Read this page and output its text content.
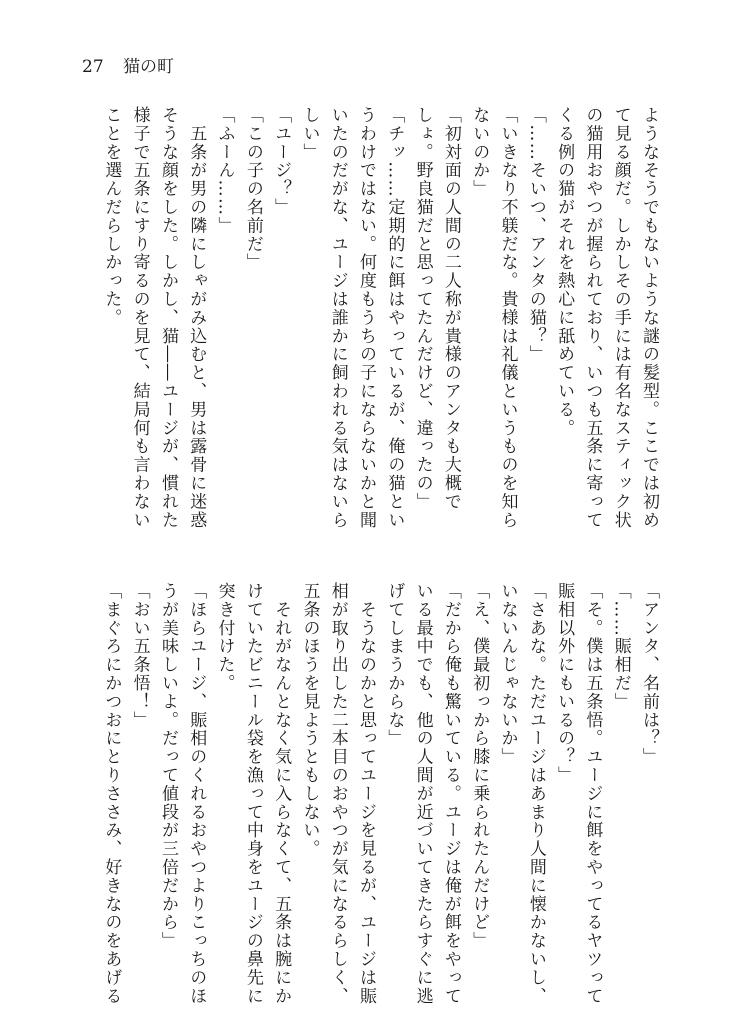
27 猫の町
ようなそうでもないような謎の髪型。ここでは初め
て見る顔だ。しかしその手には有名なスティック状
の猫用おやつが握られており、いつも五条に寄って
くる例の猫がそれを熱心に舐めている。
「……そいつ、アンタの猫？」
「いきなり不躾だな。貴様は礼儀というものを知ら
ないのか」
「初対面の人間の二人称が貴様のアンタも大概で
しょ。野良猫だと思ってたんだけど、違ったの」
「チッ……定期的に餌はやっているが、俺の猫とい
うわけではない。何度もうちの子にならないかと聞
いたのだがな、ユージは誰かに飼われる気はないら
しい」
「ユージ？」
「この子の名前だ」
「ふーん……」
　五条が男の隣にしゃがみ込むと、男は露骨に迷惑
そうな顔をした。しかし、猫――ユージが、慣れた
様子で五条にすり寄るのを見て、結局何も言わない
ことを選んだらしかった。
「アンタ、名前は？」
「……賑相だ」
「そ。僕は五条悟。ユージに餌をやってるヤツって
賑相以外にもいるの？」
「さあな。ただユージはあまり人間に懐かないし、
いないんじゃないか」
「え、僕最初っから膝に乗られたんだけど」
「だから俺も驚いている。ユージは俺が餌をやって
いる最中でも、他の人間が近づいてきたらすぐに逃
げてしまうからな」
　そうなのかと思ってユージを見るが、ユージは賑
相が取り出した二本目のおやつが気になるらしく、
五条のほうを見ようともしない。
　それがなんとなく気に入らなくて、五条は腕にか
けていたビニール袋を漁って中身をユージの鼻先に
突き付けた。
「ほらユージ、賑相のくれるおやつよりこっちのほ
うが美味しいよ。だって値段が三倍だから」
「おい五条悟！」
「まぐろにかつおにとりささみ、好きなのをあげる
